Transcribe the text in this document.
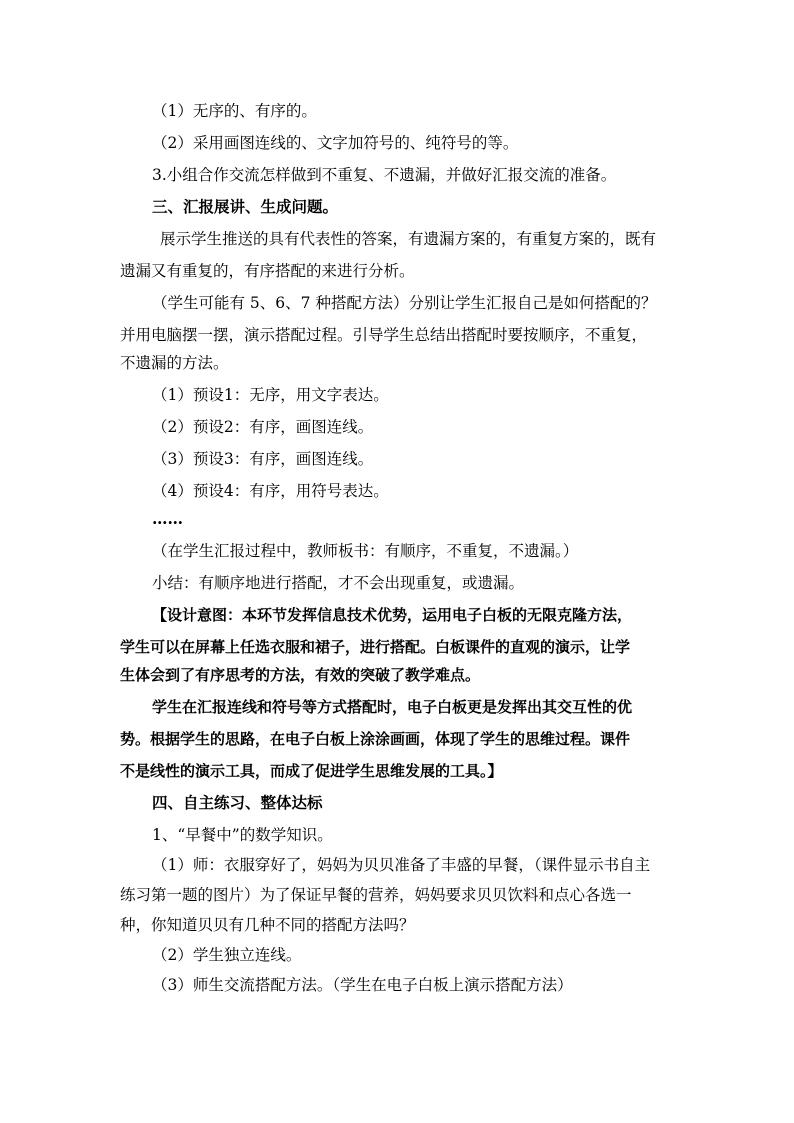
（1）无序的、有序的。

（2）采用画图连线的、文字加符号的、纯符号的等。

3.小组合作交流怎样做到不重复、不遗漏，并做好汇报交流的准备。

三、汇报展讲、生成问题。

展示学生推送的具有代表性的答案，有遗漏方案的，有重复方案的，既有

遗漏又有重复的，有序搭配的来进行分析。

（学生可能有 5、6、7 种搭配方法）分别让学生汇报自己是如何搭配的？

并用电脑摆一摆，演示搭配过程。引导学生总结出搭配时要按顺序，不重复，

不遗漏的方法。

（1）预设1：无序，用文字表达。

（2）预设2：有序，画图连线。

（3）预设3：有序，画图连线。

（4）预设4：有序，用符号表达。

……

（在学生汇报过程中，教师板书：有顺序，不重复，不遗漏。）

小结：有顺序地进行搭配，才不会出现重复，或遗漏。

【设计意图：本环节发挥信息技术优势，运用电子白板的无限克隆方法，

学生可以在屏幕上任选衣服和裙子，进行搭配。白板课件的直观的演示，让学

生体会到了有序思考的方法，有效的突破了教学难点。

学生在汇报连线和符号等方式搭配时，电子白板更是发挥出其交互性的优

势。根据学生的思路，在电子白板上涂涂画画，体现了学生的思维过程。课件

不是线性的演示工具，而成了促进学生思维发展的工具。】

四、自主练习、整体达标

1、“早餐中”的数学知识。

（1）师：衣服穿好了，妈妈为贝贝准备了丰盛的早餐，（课件显示书自主

练习第一题的图片）为了保证早餐的营养，妈妈要求贝贝饮料和点心各选一

种，你知道贝贝有几种不同的搭配方法吗？

（2）学生独立连线。

（3）师生交流搭配方法。（学生在电子白板上演示搭配方法）
